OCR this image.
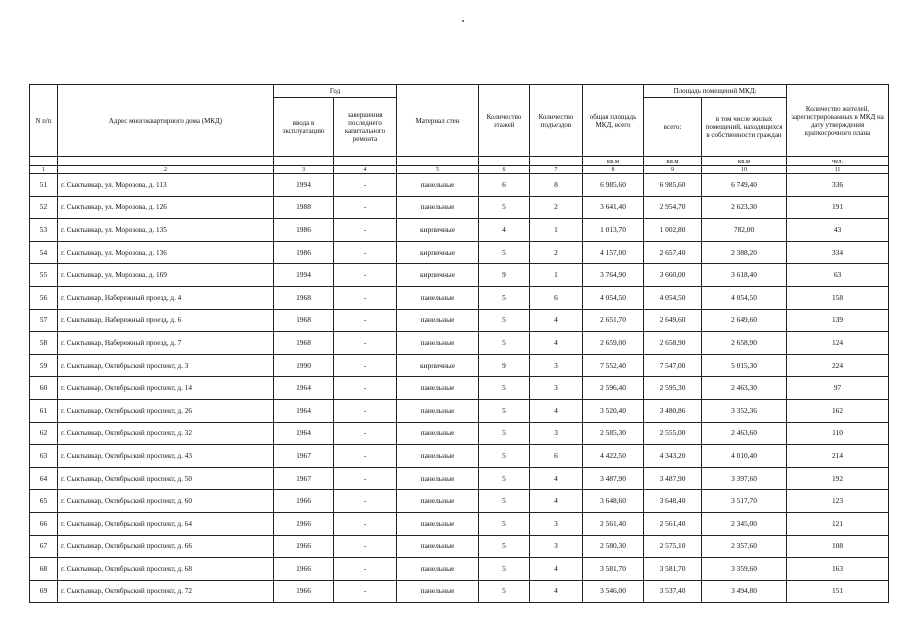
N п/п	Адрес многоквартирного дома (МКД)	Год		Материал стен	Количество этажей	Количество подъездов	общая площадь МКД, всего	Площадь помещений МКД:		Количество жителей, зарегистрированных в МКД на дату утверждения краткосрочного плана
		ввода в эксплуатацию	завершения последнего капитального ремонта					всего:	в том числе жилых помещений, находящихся в собственности граждан	
							кв.м	кв.м	кв.м	чел.
1	2	3	4	5	6	7	8	9	10	11
51	г. Сыктывкар, ул. Морозова, д. 113	1994	-	панельные	6	8	6 985,60	6 985,60	6 749,40	336
52	г. Сыктывкар, ул. Морозова, д. 126	1988	-	панельные	5	2	3 641,40	2 954,70	2 623,30	191
53	г. Сыктывкар, ул. Морозова, д. 135	1986	-	кирпичные	4	1	1 013,70	1 002,80	782,00	43
54	г. Сыктывкар, ул. Морозова, д. 136	1986	-	кирпичные	5	2	4 157,00	2 657,40	2 388,20	334
55	г. Сыктывкар, ул. Морозова, д. 169	1994	-	кирпичные	9	1	3 764,90	3 660,00	3 618,40	63
56	г. Сыктывкар, Набережный проезд, д. 4	1968	-	панельные	5	6	4 054,50	4 054,50	4 054,50	158
57	г. Сыктывкар, Набережный проезд, д. 6	1968	-	панельные	5	4	2 651,70	2 649,60	2 649,60	139
58	г. Сыктывкар, Набережный проезд, д. 7	1968	-	панельные	5	4	2 659,00	2 658,90	2 658,90	124
59	г. Сыктывкар, Октябрьский проспект, д. 3	1990	-	кирпичные	9	3	7 552,40	7 547,00	5 015,30	224
60	г. Сыктывкар, Октябрьский проспект, д. 14	1964	-	панельные	5	3	2 596,40	2 595,30	2 463,30	97
61	г. Сыктывкар, Октябрьский проспект, д. 26	1964	-	панельные	5	4	3 520,40	3 480,86	3 352,36	162
62	г. Сыктывкар, Октябрьский проспект, д. 32	1964	-	панельные	5	3	2 585,30	2 555,00	2 463,60	110
63	г. Сыктывкар, Октябрьский проспект, д. 43	1967	-	панельные	5	6	4 422,50	4 343,20	4 010,40	214
64	г. Сыктывкар, Октябрьский проспект, д. 50	1967	-	панельные	5	4	3 487,90	3 487,90	3 397,60	192
65	г. Сыктывкар, Октябрьский проспект, д. 60	1966	-	панельные	5	4	3 648,60	3 648,40	3 517,70	123
66	г. Сыктывкар, Октябрьский проспект, д. 64	1966	-	панельные	5	3	2 561,40	2 561,40	2 345,00	121
67	г. Сыктывкар, Октябрьский проспект, д. 66	1966	-	панельные	5	3	2 580,30	2 575,10	2 357,60	108
68	г. Сыктывкар, Октябрьский проспект, д. 68	1966	-	панельные	5	4	3 581,70	3 581,70	3 359,60	163
69	г. Сыктывкар, Октябрьский проспект, д. 72	1966	-	панельные	5	4	3 546,00	3 537,40	3 494,80	151
